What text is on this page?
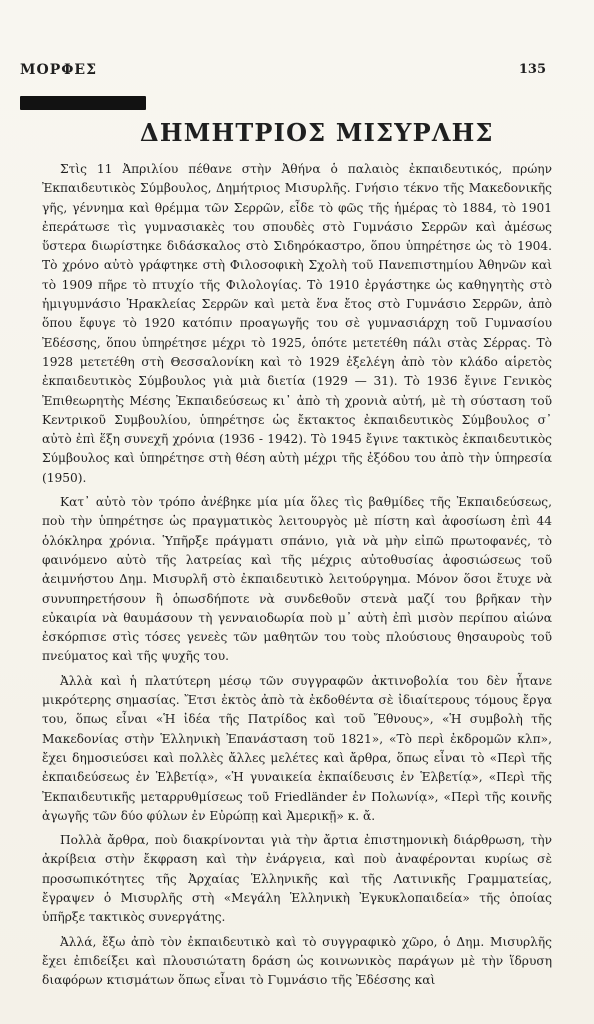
ΜΟΡΦΕΣ	135
ΔΗΜΗΤΡΙΟΣ ΜΙΣΥΡΛΗΣ

Στὶς 11 Ἀπριλίου πέθανε στὴν Ἀθήνα ὁ παλαιὸς ἐκπαιδευτικός, πρώην Ἐκπαιδευτικὸς Σύμβουλος, Δημήτριος Μισυρλῆς. Γνήσιο τέκνο τῆς Μακεδονικῆς γῆς, γέννημα καὶ θρέμμα τῶν Σερρῶν, εἶδε τὸ φῶς τῆς ἡμέρας τὸ 1884, τὸ 1901 ἐπεράτωσε τὶς γυμνασιακὲς του σπουδὲς στὸ Γυμνάσιο Σερρῶν καὶ ἀμέσως ὕστερα διωρίστηκε διδάσκαλος στὸ Σιδηρόκαστρο, ὅπου ὑπηρέτησε ὡς τὸ 1904. Τὸ χρόνο αὐτὸ γράφτηκε στὴ Φιλοσοφικὴ Σχολὴ τοῦ Πανεπιστημίου Ἀθηνῶν καὶ τὸ 1909 πῆρε τὸ πτυχίο τῆς Φιλολογίας. Τὸ 1910 ἐργάστηκε ὡς καθηγητὴς στὸ ἡμιγυμνάσιο Ἡρακλείας Σερρῶν καὶ μετὰ ἕνα ἔτος στὸ Γυμνάσιο Σερρῶν, ἀπὸ ὅπου ἔφυγε τὸ 1920 κατόπιν προαγωγῆς του σὲ γυμνασιάρχη τοῦ Γυμνασίου Ἐδέσσης, ὅπου ὑπηρέτησε μέχρι τὸ 1925, ὁπότε μετετέθη πάλι στὰς Σέρρας. Τὸ 1928 μετετέθη στὴ Θεσσαλονίκη καὶ τὸ 1929 ἐξελέγη ἀπὸ τὸν κλάδο αἱρετὸς ἐκπαιδευτικὸς Σύμβουλος γιὰ μιὰ διετία (1929 — 31). Τὸ 1936 ἔγινε Γενικὸς Ἐπιθεωρητὴς Μέσης Ἐκπαιδεύσεως κι᾽ ἀπὸ τὴ χρονιὰ αὐτή, μὲ τὴ σύσταση τοῦ Κεντρικοῦ Συμβουλίου, ὑπηρέτησε ὡς ἔκτακτος ἐκπαιδευτικὸς Σύμβουλος σ᾽ αὐτὸ ἐπὶ ἕξη συνεχῆ χρόνια (1936 - 1942). Τὸ 1945 ἔγινε τακτικὸς ἐκπαιδευτικὸς Σύμβουλος καὶ ὑπηρέτησε στὴ θέση αὐτὴ μέχρι τῆς ἐξόδου του ἀπὸ τὴν ὑπηρεσία (1950).

Κατ᾽ αὐτὸ τὸν τρόπο ἀνέβηκε μία μία ὅλες τὶς βαθμίδες τῆς Ἐκπαιδεύσεως, ποὺ τὴν ὑπηρέτησε ὡς πραγματικὸς λειτουργὸς μὲ πίστη καὶ ἀφοσίωση ἐπὶ 44 ὁλόκληρα χρόνια. Ὑπῆρξε πράγματι σπάνιο, γιὰ νὰ μὴν εἰπῶ πρωτοφανές, τὸ φαινόμενο αὐτὸ τῆς λατρείας καὶ τῆς μέχρις αὐτοθυσίας ἀφοσιώσεως τοῦ ἀειμνήστου Δημ. Μισυρλῆ στὸ ἐκπαιδευτικὸ λειτούργημα. Μόνον ὅσοι ἔτυχε νὰ συνυπηρετήσουν ἢ ὁπωσδήποτε νὰ συνδεθοῦν στενὰ μαζί του βρῆκαν τὴν εὐκαιρία νὰ θαυμάσουν τὴ γενναιοδωρία ποὺ μ᾽ αὐτὴ ἐπὶ μισὸν περίπου αἰώνα ἐσκόρπισε στὶς τόσες γενεὲς τῶν μαθητῶν του τοὺς πλούσιους θησαυροὺς τοῦ πνεύματος καὶ τῆς ψυχῆς του.

Ἀλλὰ καὶ ἡ πλατύτερη μέσῳ τῶν συγγραφῶν ἀκτινοβολία του δὲν ἦτανε μικρότερης σημασίας. Ἔτσι ἐκτὸς ἀπὸ τὰ ἐκδοθέντα σὲ ἰδιαίτερους τόμους ἔργα του, ὅπως εἶναι «Ἡ ἰδέα τῆς Πατρίδος καὶ τοῦ Ἔθνους», «Ἡ συμβολὴ τῆς Μακεδονίας στὴν Ἑλληνικὴ Ἐπανάσταση τοῦ 1821», «Τὸ περὶ ἐκδρομῶν κλπ», ἔχει δημοσιεύσει καὶ πολλὲς ἄλλες μελέτες καὶ ἄρθρα, ὅπως εἶναι τὸ «Περὶ τῆς ἐκπαιδεύσεως ἐν Ἑλβετίᾳ», «Ἡ γυναικεία ἐκπαίδευσις ἐν Ἑλβετίᾳ», «Περὶ τῆς Ἐκπαιδευτικῆς μεταρρυθμίσεως τοῦ Friedländer ἐν Πολωνίᾳ», «Περὶ τῆς κοινῆς ἀγωγῆς τῶν δύο φύλων ἐν Εὐρώπῃ καὶ Ἀμερικῇ» κ. ἄ.

Πολλὰ ἄρθρα, ποὺ διακρίνονται γιὰ τὴν ἄρτια ἐπιστημονικὴ διάρθρωση, τὴν ἀκρίβεια στὴν ἔκφραση καὶ τὴν ἐνάργεια, καὶ ποὺ ἀναφέρονται κυρίως σὲ προσωπικότητες τῆς Ἀρχαίας Ἑλληνικῆς καὶ τῆς Λατινικῆς Γραμματείας, ἔγραψεν ὁ Μισυρλῆς στὴ «Μεγάλη Ἑλληνικὴ Ἐγκυκλοπαιδεία» τῆς ὁποίας ὑπῆρξε τακτικὸς συνεργάτης.

Ἀλλά, ἔξω ἀπὸ τὸν ἐκπαιδευτικὸ καὶ τὸ συγγραφικὸ χῶρο, ὁ Δημ. Μισυρλῆς ἔχει ἐπιδείξει καὶ πλουσιώτατη δράση ὡς κοινωνικὸς παράγων μὲ τὴν ἵδρυση διαφόρων κτισμάτων ὅπως εἶναι τὸ Γυμνάσιο τῆς Ἐδέσσης καὶ
